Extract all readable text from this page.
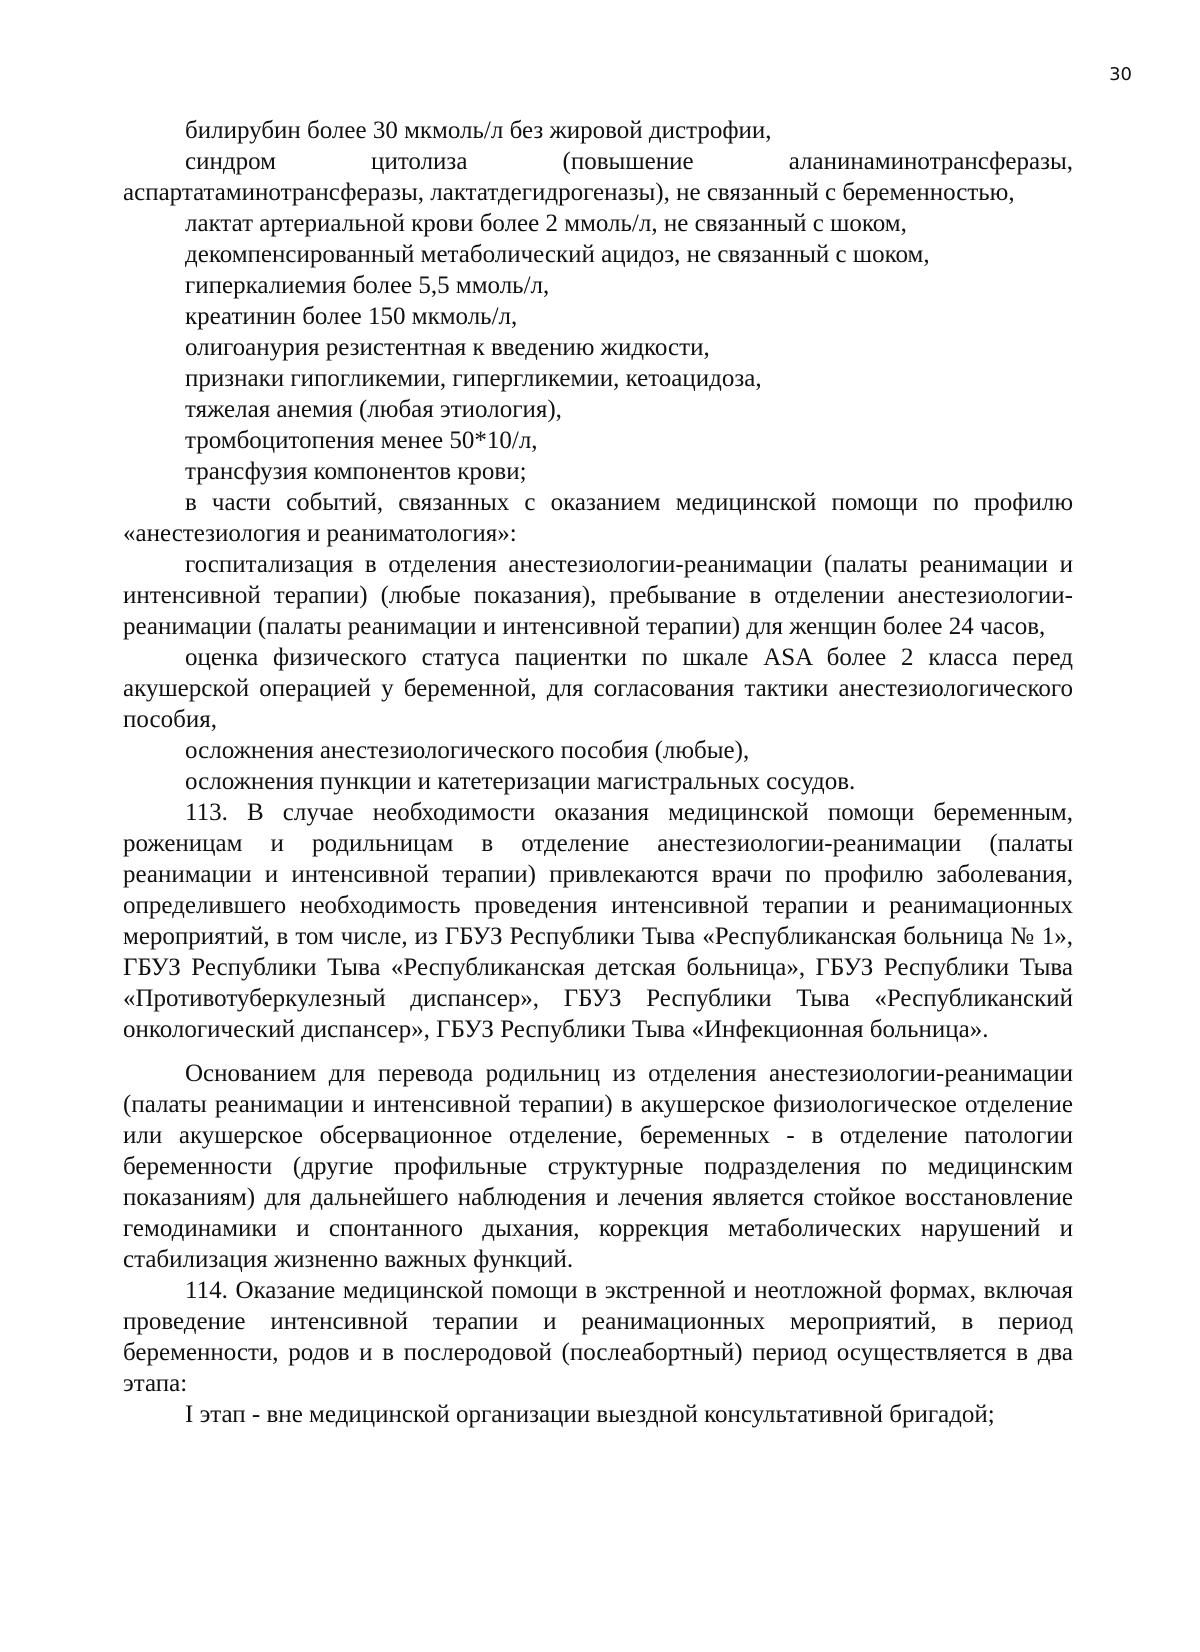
30

билирубин более 30 мкмоль/л без жировой дистрофии,

синдром цитолиза (повышение аланинаминотрансферазы, аспартатаминотрансферазы, лактатдегидрогеназы), не связанный с беременностью,

лактат артериальной крови более 2 ммоль/л, не связанный с шоком,

декомпенсированный метаболический ацидоз, не связанный с шоком,

гиперкалиемия более 5,5 ммоль/л,

креатинин более 150 мкмоль/л,

олигоанурия резистентная к введению жидкости,

признаки гипогликемии, гипергликемии, кетоацидоза,

тяжелая анемия (любая этиология),

тромбоцитопения менее 50*10/л,

трансфузия компонентов крови;

в части событий, связанных с оказанием медицинской помощи по профилю «анестезиология и реаниматология»:

госпитализация в отделения анестезиологии-реанимации (палаты реанимации и интенсивной терапии) (любые показания), пребывание в отделении анестезиологии-реанимации (палаты реанимации и интенсивной терапии) для женщин более 24 часов,

оценка физического статуса пациентки по шкале ASA более 2 класса перед акушерской операцией у беременной, для согласования тактики анестезиологического пособия,

осложнения анестезиологического пособия (любые),

осложнения пункции и катетеризации магистральных сосудов.

113. В случае необходимости оказания медицинской помощи беременным, роженицам и родильницам в отделение анестезиологии-реанимации (палаты реанимации и интенсивной терапии) привлекаются врачи по профилю заболевания, определившего необходимость проведения интенсивной терапии и реанимационных мероприятий, в том числе, из ГБУЗ Республики Тыва «Республиканская больница № 1», ГБУЗ Республики Тыва «Республиканская детская больница», ГБУЗ Республики Тыва «Противотуберкулезный диспансер», ГБУЗ Республики Тыва «Республиканский онкологический диспансер», ГБУЗ Республики Тыва «Инфекционная больница».

Основанием для перевода родильниц из отделения анестезиологии-реанимации (палаты реанимации и интенсивной терапии) в акушерское физиологическое отделение или акушерское обсервационное отделение, беременных - в отделение патологии беременности (другие профильные структурные подразделения по медицинским показаниям) для дальнейшего наблюдения и лечения является стойкое восстановление гемодинамики и спонтанного дыхания, коррекция метаболических нарушений и стабилизация жизненно важных функций.

114. Оказание медицинской помощи в экстренной и неотложной формах, включая проведение интенсивной терапии и реанимационных мероприятий, в период беременности, родов и в послеродовой (послеабортный) период осуществляется в два этапа:

I этап - вне медицинской организации выездной консультативной бригадой;
